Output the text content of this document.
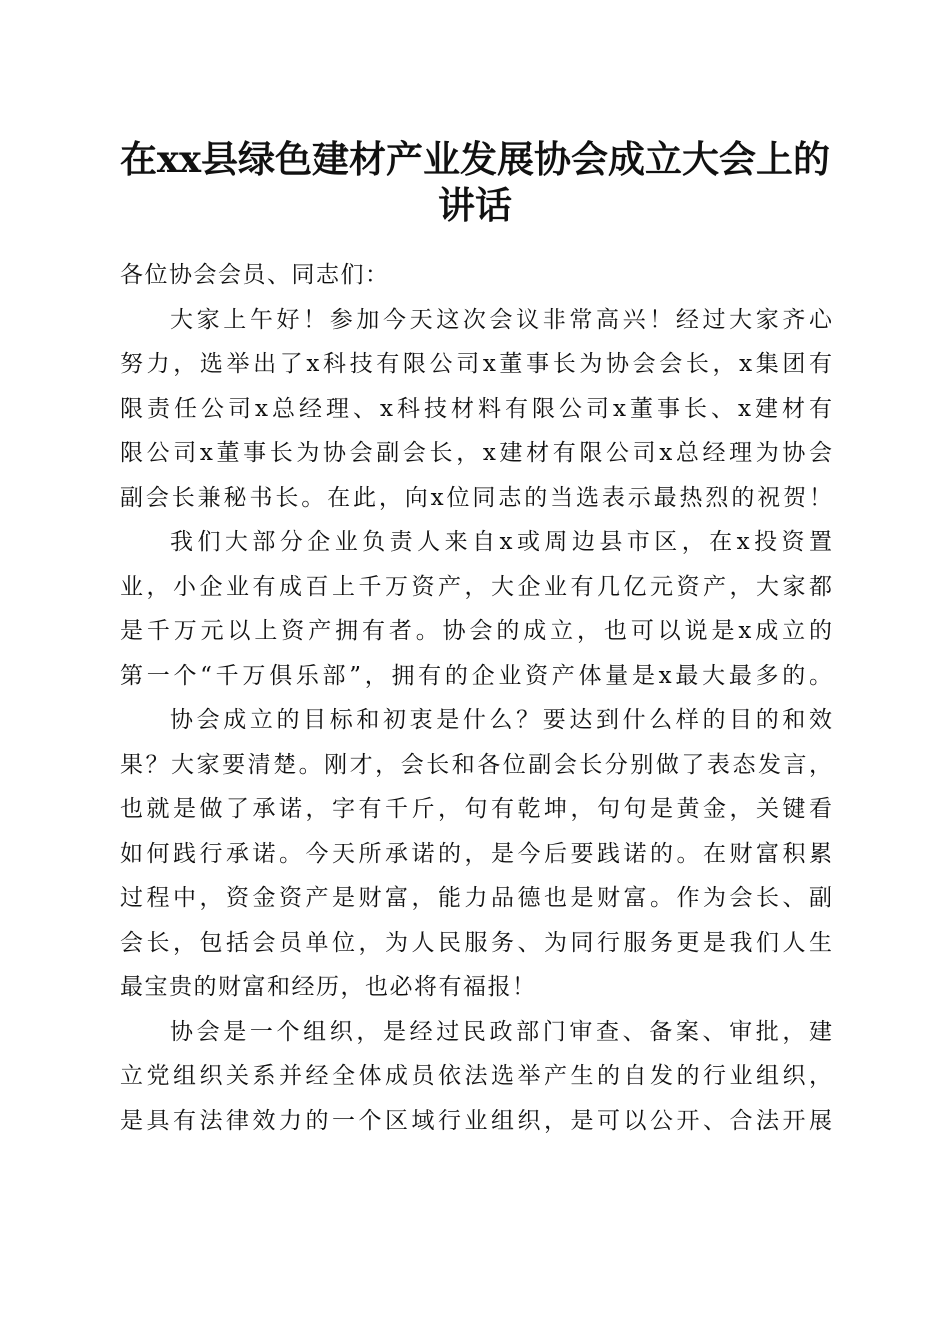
在xx县绿色建材产业发展协会成立大会上的
讲话

各位协会会员、同志们：

大家上午好！参加今天这次会议非常高兴！经过大家齐心
努力，选举出了x科技有限公司x董事长为协会会长，x集团有
限责任公司x总经理、x科技材料有限公司x董事长、x建材有
限公司x董事长为协会副会长，x建材有限公司x总经理为协会
副会长兼秘书长。在此，向x位同志的当选表示最热烈的祝贺！

我们大部分企业负责人来自x或周边县市区，在x投资置
业，小企业有成百上千万资产，大企业有几亿元资产，大家都
是千万元以上资产拥有者。协会的成立，也可以说是x成立的
第一个“千万俱乐部”，拥有的企业资产体量是x最大最多的。

协会成立的目标和初衷是什么？要达到什么样的目的和效
果？大家要清楚。刚才，会长和各位副会长分别做了表态发言，
也就是做了承诺，字有千斤，句有乾坤，句句是黄金，关键看
如何践行承诺。今天所承诺的，是今后要践诺的。在财富积累
过程中，资金资产是财富，能力品德也是财富。作为会长、副
会长，包括会员单位，为人民服务、为同行服务更是我们人生
最宝贵的财富和经历，也必将有福报！

协会是一个组织，是经过民政部门审查、备案、审批，建
立党组织关系并经全体成员依法选举产生的自发的行业组织，
是具有法律效力的一个区域行业组织，是可以公开、合法开展
